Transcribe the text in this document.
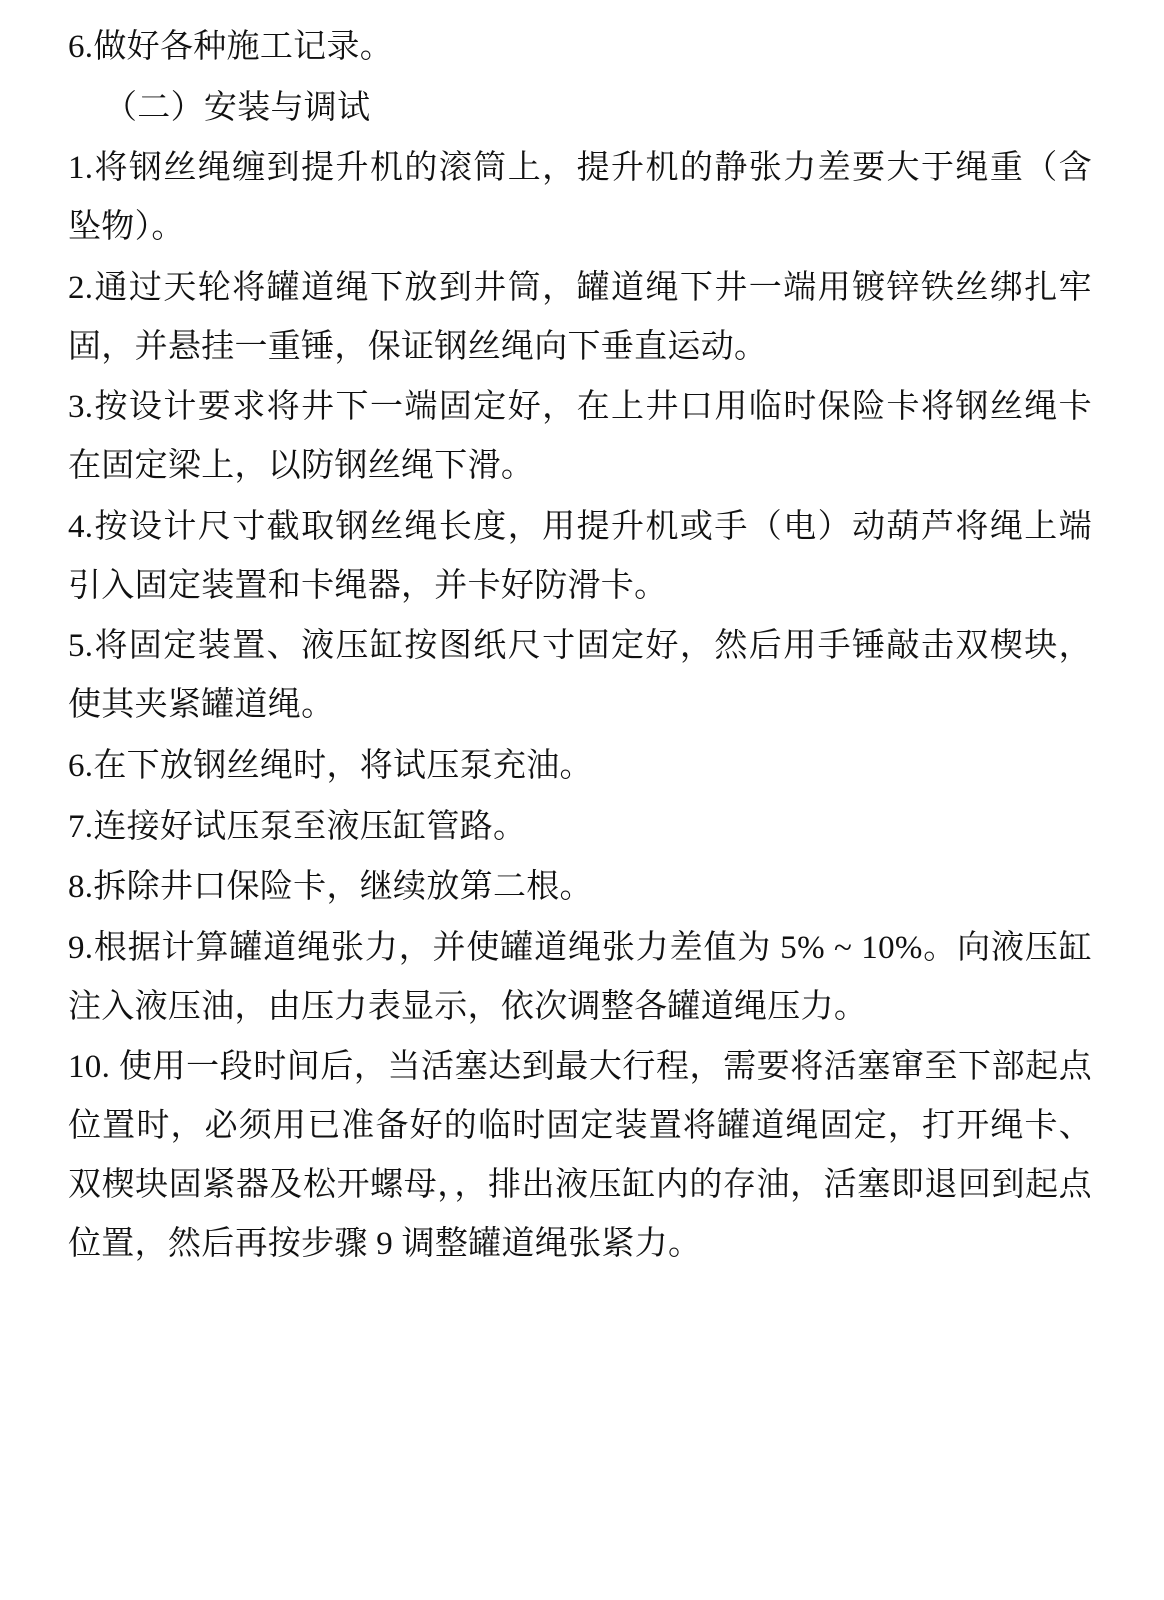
6.做好各种施工记录。

（二）安装与调试

1.将钢丝绳缠到提升机的滚筒上，提升机的静张力差要大于绳重（含坠物）。

2.通过天轮将罐道绳下放到井筒，罐道绳下井一端用镀锌铁丝绑扎牢固，并悬挂一重锤，保证钢丝绳向下垂直运动。

3.按设计要求将井下一端固定好，在上井口用临时保险卡将钢丝绳卡在固定梁上，以防钢丝绳下滑。

4.按设计尺寸截取钢丝绳长度，用提升机或手（电）动葫芦将绳上端引入固定装置和卡绳器，并卡好防滑卡。

5.将固定装置、液压缸按图纸尺寸固定好，然后用手锤敲击双楔块，使其夹紧罐道绳。

6.在下放钢丝绳时，将试压泵充油。

7.连接好试压泵至液压缸管路。

8.拆除井口保险卡，继续放第二根。

9.根据计算罐道绳张力，并使罐道绳张力差值为 5% ~ 10%。向液压缸注入液压油，由压力表显示，依次调整各罐道绳压力。

10. 使用一段时间后，当活塞达到最大行程，需要将活塞窜至下部起点位置时，必须用已准备好的临时固定装置将罐道绳固定，打开绳卡、双楔块固紧器及松开螺母，，排出液压缸内的存油，活塞即退回到起点位置，然后再按步骤 9 调整罐道绳张紧力。
